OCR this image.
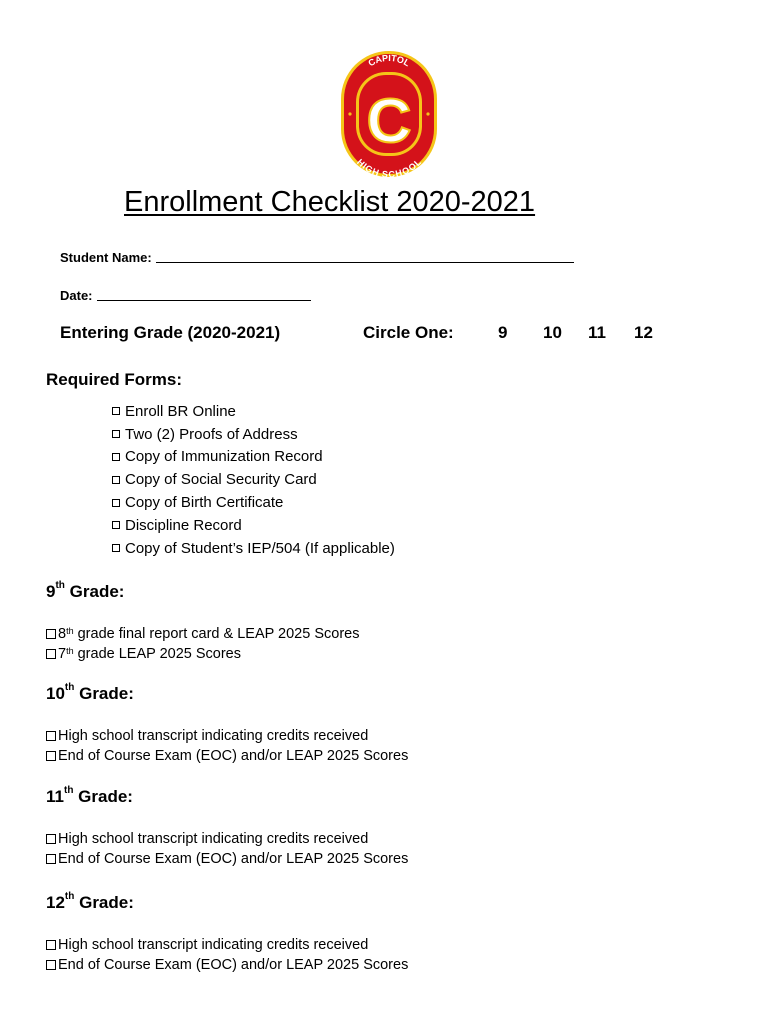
CAPITOL
HIGH SCHOOL
C
Enrollment Checklist 2020-2021
Student Name:
Date:
Entering Grade (2020-2021)	Circle One:	9 10 11 12
Required Forms:
Enroll BR Online
Two (2) Proofs of Address
Copy of Immunization Record
Copy of Social Security Card
Copy of Birth Certificate
Discipline Record
Copy of Student’s IEP/504 (If applicable)
9th Grade:
8th grade final report card & LEAP 2025 Scores
7th grade LEAP 2025 Scores
10th Grade:
High school transcript indicating credits received
End of Course Exam (EOC) and/or LEAP 2025 Scores
11th Grade:
High school transcript indicating credits received
End of Course Exam (EOC) and/or LEAP 2025 Scores
12th Grade:
High school transcript indicating credits received
End of Course Exam (EOC) and/or LEAP 2025 Scores
